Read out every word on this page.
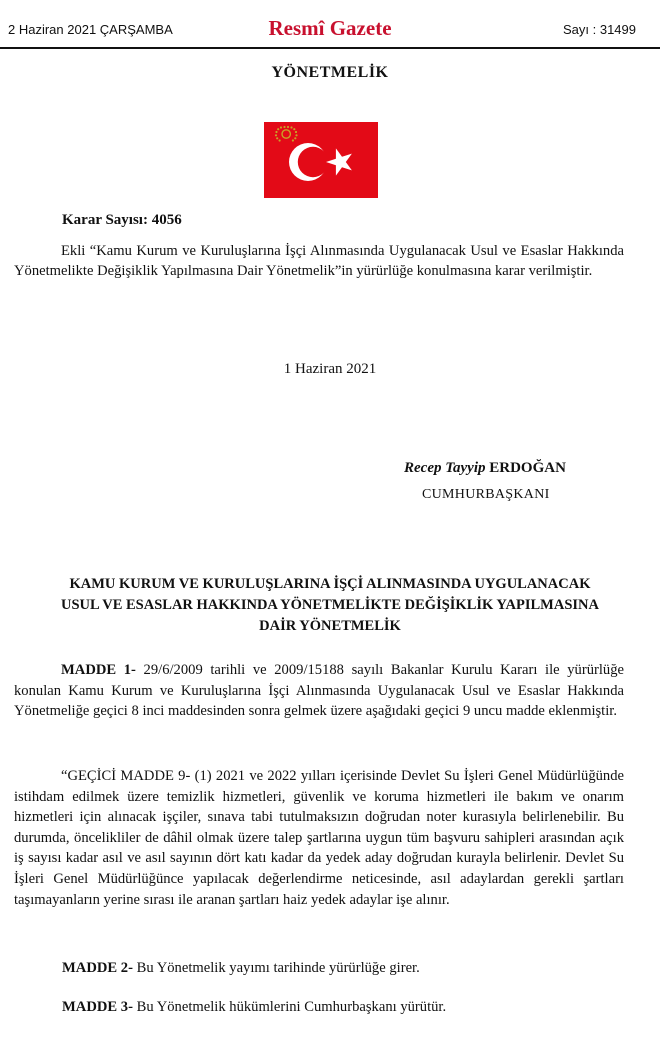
2 Haziran 2021 ÇARŞAMBA	Resmî Gazete	Sayı : 31499
YÖNETMELİK
Karar Sayısı: 4056
Ekli “Kamu Kurum ve Kuruluşlarına İşçi Alınmasında Uygulanacak Usul ve Esaslar Hakkında Yönetmelikte Değişiklik Yapılmasına Dair Yönetmelik”in yürürlüğe konulmasına karar verilmiştir.
1 Haziran 2021
Recep Tayyip ERDOĞAN
CUMHURBAŞKANI
KAMU KURUM VE KURULUŞLARINA İŞÇİ ALINMASINDA UYGULANACAK
USUL VE ESASLAR HAKKINDA YÖNETMELİKTE DEĞİŞİKLİK YAPILMASINA
DAİR YÖNETMELİK
MADDE 1- 29/6/2009 tarihli ve 2009/15188 sayılı Bakanlar Kurulu Kararı ile yürürlüğe konulan Kamu Kurum ve Kuruluşlarına İşçi Alınmasında Uygulanacak Usul ve Esaslar Hakkında Yönetmeliğe geçici 8 inci maddesinden sonra gelmek üzere aşağıdaki geçici 9 uncu madde eklenmiştir.
“GEÇİCİ MADDE 9- (1) 2021 ve 2022 yılları içerisinde Devlet Su İşleri Genel Müdürlüğünde istihdam edilmek üzere temizlik hizmetleri, güvenlik ve koruma hizmetleri ile bakım ve onarım hizmetleri için alınacak işçiler, sınava tabi tutulmaksızın doğrudan noter kurasıyla belirlenebilir. Bu durumda, öncelikliler de dâhil olmak üzere talep şartlarına uygun tüm başvuru sahipleri arasından açık iş sayısı kadar asıl ve asıl sayının dört katı kadar da yedek aday doğrudan kurayla belirlenir. Devlet Su İşleri Genel Müdürlüğünce yapılacak değerlendirme neticesinde, asıl adaylardan gerekli şartları taşımayanların yerine sırası ile aranan şartları haiz yedek adaylar işe alınır.
MADDE 2- Bu Yönetmelik yayımı tarihinde yürürlüğe girer.
MADDE 3- Bu Yönetmelik hükümlerini Cumhurbaşkanı yürütür.
